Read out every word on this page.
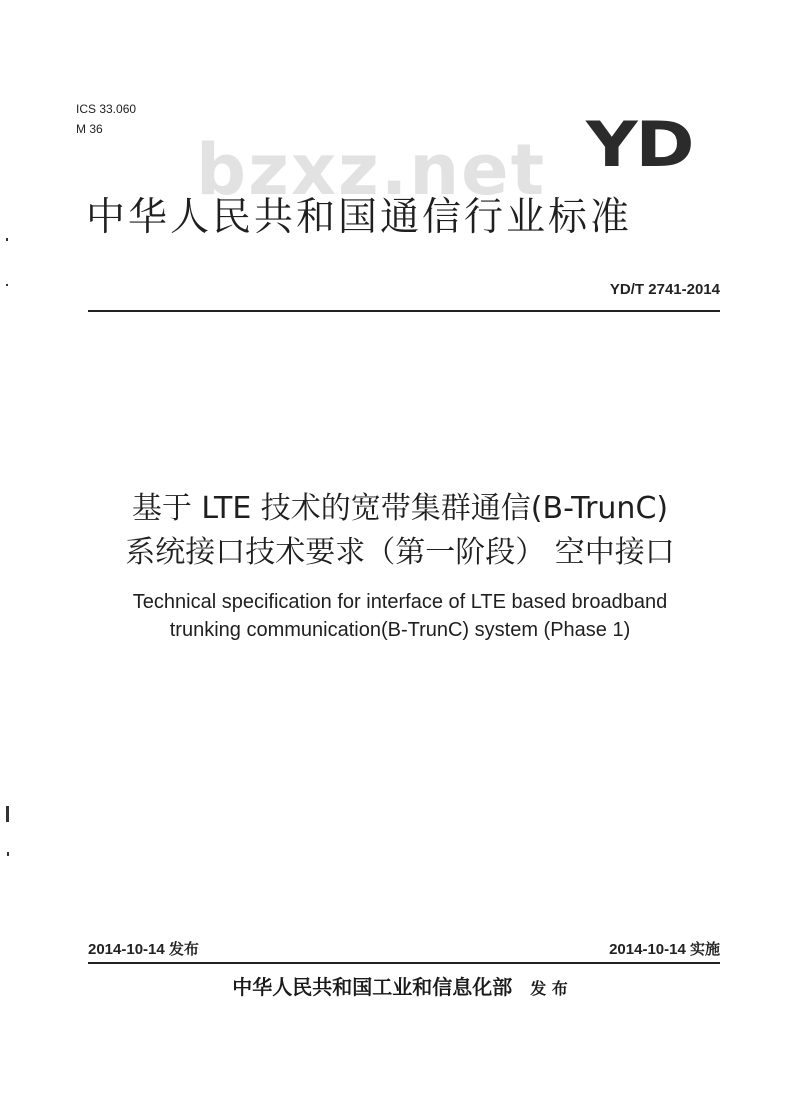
ICS 33.060
M 36	YD
bzxz.net
中华人民共和国通信行业标准
YD/T 2741-2014
基于 LTE 技术的宽带集群通信(B-TrunC)
系统接口技术要求（第一阶段） 空中接口
Technical specification for interface of LTE based broadband
trunking communication(B-TrunC) system (Phase 1)
2014-10-14 发布	2014-10-14 实施
中华人民共和国工业和信息化部 发 布
